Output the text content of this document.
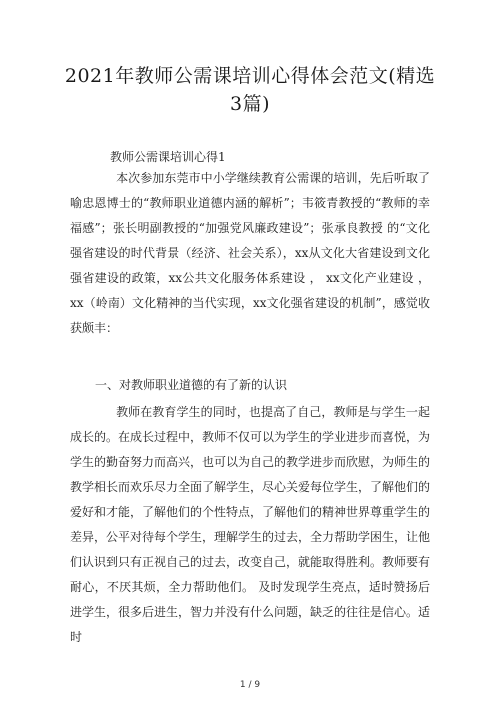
2021年教师公需课培训心得体会范文(精选
3篇)
教师公需课培训心得1
本次参加东莞市中小学继续教育公需课的培训，先后听取了喻忠恩博士的“教师职业道德内涵的解析”；韦筱青教授的“教师的幸福感”；张长明副教授的“加强党风廉政建设”；张承良教授 的“文化强省建设的时代背景（经济、社会关系），xx从文化大省建设到文化强省建设的政策，xx公共文化服务体系建设 ， xx文化产业建设 ，xx（岭南）文化精神的当代实现，xx文化强省建设的机制”，感觉收获颇丰：
一、对教师职业道德的有了新的认识
教师在教育学生的同时，也提高了自己，教师是与学生一起成长的。在成长过程中，教师不仅可以为学生的学业进步而喜悦，为学生的勤奋努力而高兴，也可以为自己的教学进步而欣慰，为师生的教学相长而欢乐尽力全面了解学生，尽心关爱每位学生，了解他们的爱好和才能，了解他们的个性特点，了解他们的精神世界尊重学生的差异，公平对待每个学生，理解学生的过去，全力帮助学困生，让他们认识到只有正视自己的过去，改变自己，就能取得胜利。教师要有耐心，不厌其烦，全力帮助他们。 及时发现学生亮点，适时赞扬后进学生，很多后进生，智力并没有什么问题，缺乏的往往是信心。适时
1 / 9
